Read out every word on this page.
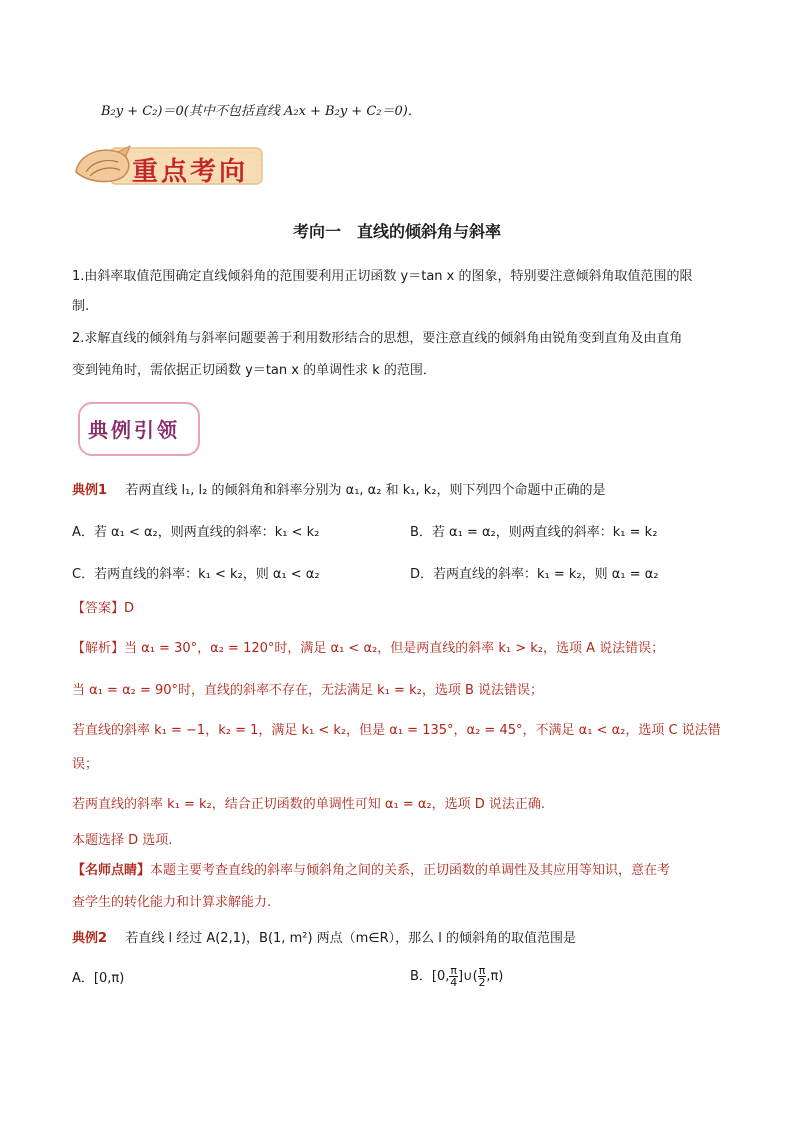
B₂y + C₂)＝0(其中不包括直线 A₂x + B₂y + C₂＝0)．
重点考向
考向一　直线的倾斜角与斜率
1.由斜率取值范围确定直线倾斜角的范围要利用正切函数 y＝tan x 的图象，特别要注意倾斜角取值范围的限
制.
2.求解直线的倾斜角与斜率问题要善于利用数形结合的思想，要注意直线的倾斜角由锐角变到直角及由直角
变到钝角时，需依据正切函数 y＝tan x 的单调性求 k 的范围．
典例引领
典例1 若两直线 l₁, l₂ 的倾斜角和斜率分别为 α₁, α₂ 和 k₁, k₂，则下列四个命题中正确的是
A．若 α₁ < α₂，则两直线的斜率：k₁ < k₂	B．若 α₁ = α₂，则两直线的斜率：k₁ = k₂
C．若两直线的斜率：k₁ < k₂，则 α₁ < α₂	D．若两直线的斜率：k₁ = k₂，则 α₁ = α₂
【答案】D
【解析】当 α₁ = 30°，α₂ = 120°时，满足 α₁ < α₂，但是两直线的斜率 k₁ > k₂，选项 A 说法错误；
当 α₁ = α₂ = 90°时，直线的斜率不存在，无法满足 k₁ = k₂，选项 B 说法错误；
若直线的斜率 k₁ = −1，k₂ = 1，满足 k₁ < k₂，但是 α₁ = 135°，α₂ = 45°，不满足 α₁ < α₂，选项 C 说法错
误；
若两直线的斜率 k₁ = k₂，结合正切函数的单调性可知 α₁ = α₂，选项 D 说法正确.
本题选择 D 选项.
【名师点睛】本题主要考查直线的斜率与倾斜角之间的关系，正切函数的单调性及其应用等知识，意在考
查学生的转化能力和计算求解能力.
典例2 若直线 l 经过 A(2,1)，B(1, m²) 两点（m∈R），那么 l 的倾斜角的取值范围是
A．[0,π)	B．[0, $\frac{\pi}{4}$ ]∪( $\frac{\pi}{2} ,\pi$)
